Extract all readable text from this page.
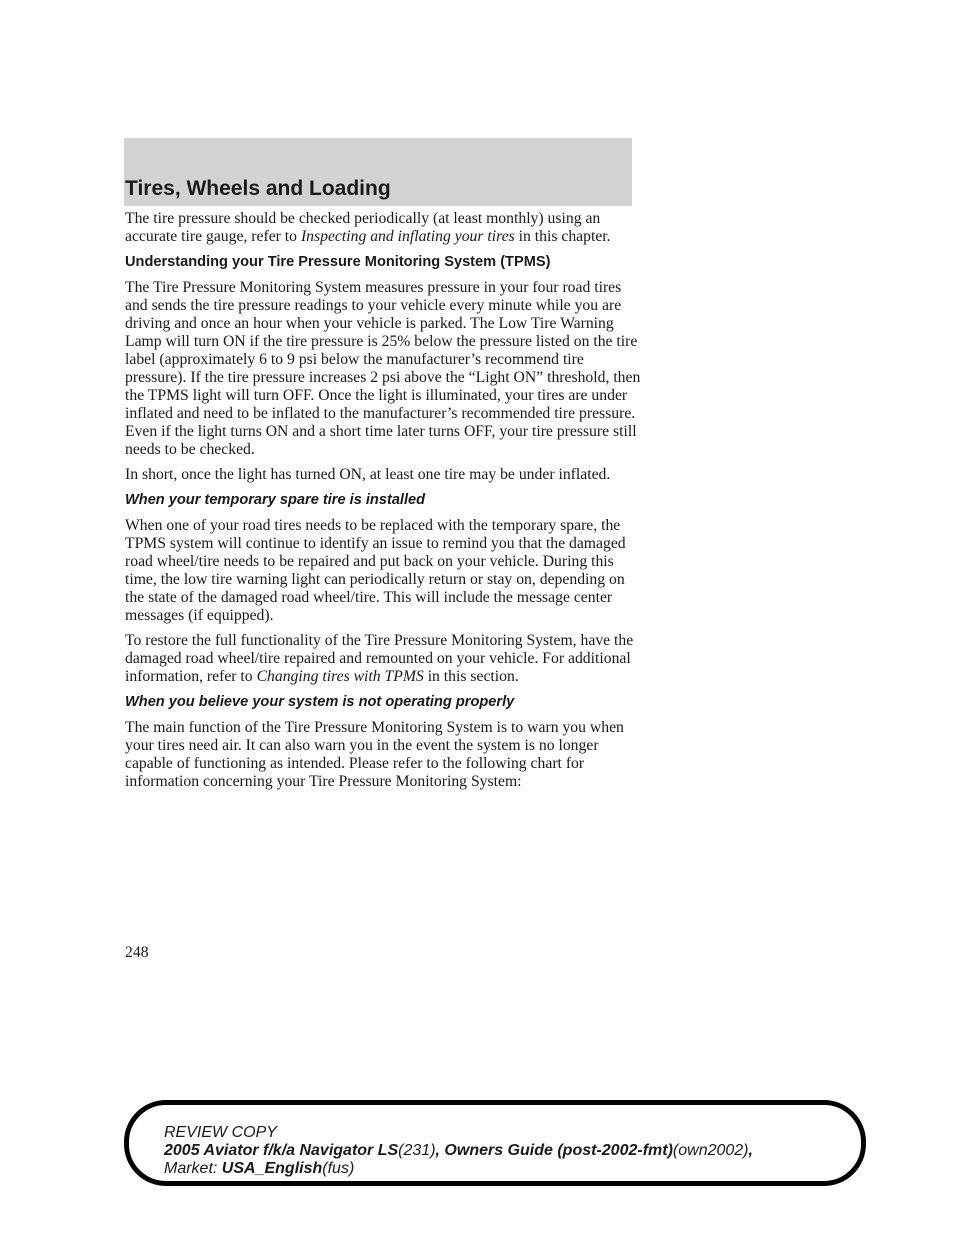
Tires, Wheels and Loading

The tire pressure should be checked periodically (at least monthly) using an accurate tire gauge, refer to Inspecting and inflating your tires in this chapter.

Understanding your Tire Pressure Monitoring System (TPMS)

The Tire Pressure Monitoring System measures pressure in your four road tires and sends the tire pressure readings to your vehicle every minute while you are driving and once an hour when your vehicle is parked. The Low Tire Warning Lamp will turn ON if the tire pressure is 25% below the pressure listed on the tire label (approximately 6 to 9 psi below the manufacturer’s recommend tire pressure). If the tire pressure increases 2 psi above the “Light ON” threshold, then the TPMS light will turn OFF. Once the light is illuminated, your tires are under inflated and need to be inflated to the manufacturer’s recommended tire pressure. Even if the light turns ON and a short time later turns OFF, your tire pressure still needs to be checked.

In short, once the light has turned ON, at least one tire may be under inflated.

When your temporary spare tire is installed

When one of your road tires needs to be replaced with the temporary spare, the TPMS system will continue to identify an issue to remind you that the damaged road wheel/tire needs to be repaired and put back on your vehicle. During this time, the low tire warning light can periodically return or stay on, depending on the state of the damaged road wheel/tire. This will include the message center messages (if equipped).

To restore the full functionality of the Tire Pressure Monitoring System, have the damaged road wheel/tire repaired and remounted on your vehicle. For additional information, refer to Changing tires with TPMS in this section.

When you believe your system is not operating properly

The main function of the Tire Pressure Monitoring System is to warn you when your tires need air. It can also warn you in the event the system is no longer capable of functioning as intended. Please refer to the following chart for information concerning your Tire Pressure Monitoring System:

248
REVIEW COPY
2005 Aviator f/k/a Navigator LS(231), Owners Guide (post-2002-fmt)(own2002),
Market: USA_English(fus)
